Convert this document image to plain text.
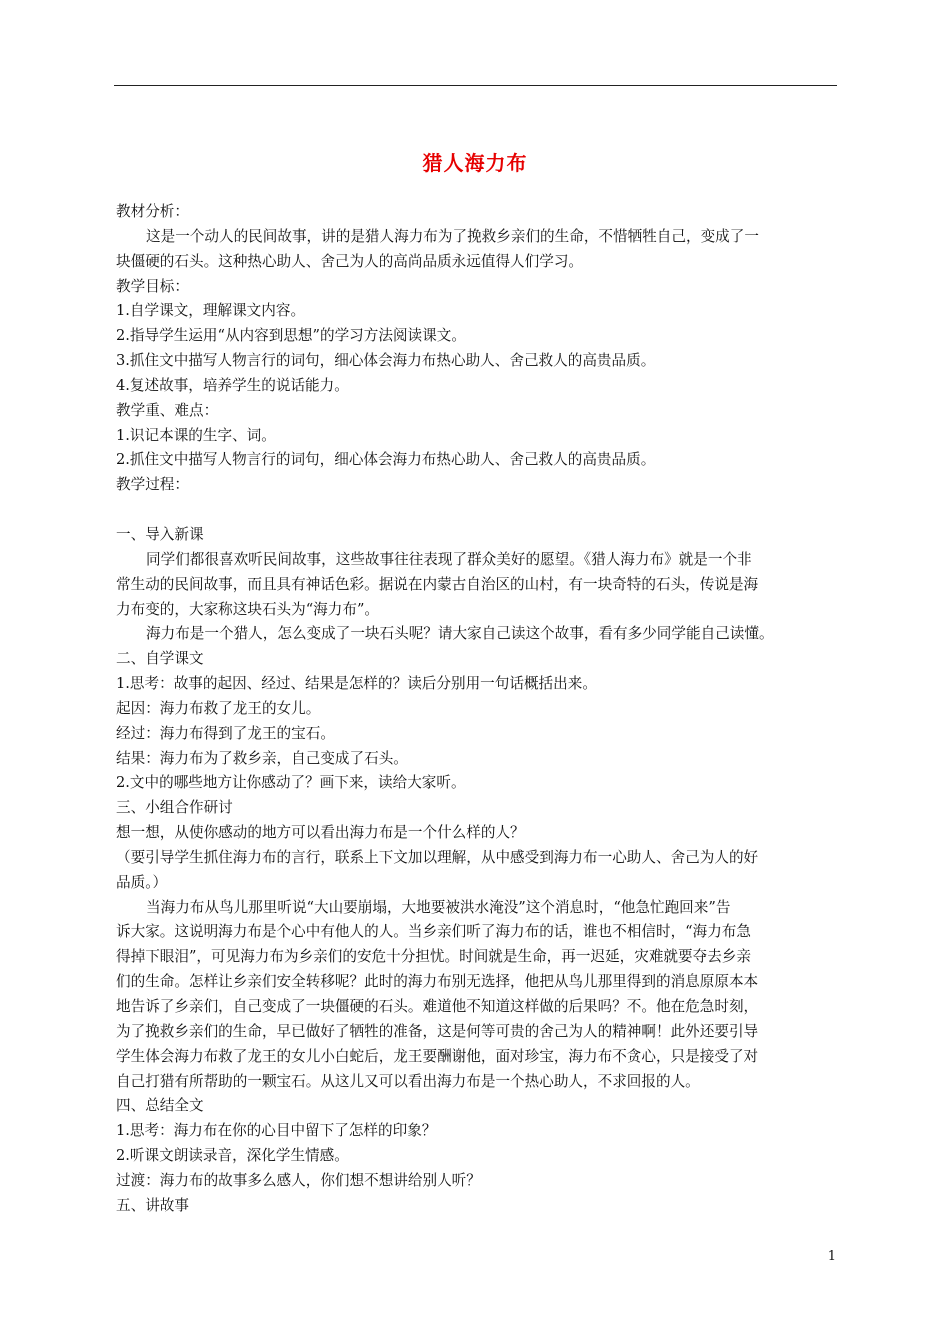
猎人海力布
教材分析：
这是一个动人的民间故事，讲的是猎人海力布为了挽救乡亲们的生命，不惜牺牲自己，变成了一
块僵硬的石头。这种热心助人、舍己为人的高尚品质永远值得人们学习。
教学目标：
1.自学课文，理解课文内容。
2.指导学生运用“从内容到思想”的学习方法阅读课文。
3.抓住文中描写人物言行的词句，细心体会海力布热心助人、舍己救人的高贵品质。
4.复述故事，培养学生的说话能力。
教学重、难点：
1.识记本课的生字、词。
2.抓住文中描写人物言行的词句，细心体会海力布热心助人、舍己救人的高贵品质。
教学过程：
一、导入新课
同学们都很喜欢听民间故事，这些故事往往表现了群众美好的愿望。《猎人海力布》就是一个非
常生动的民间故事，而且具有神话色彩。据说在内蒙古自治区的山村，有一块奇特的石头，传说是海
力布变的，大家称这块石头为“海力布”。
海力布是一个猎人，怎么变成了一块石头呢？请大家自己读这个故事，看有多少同学能自己读懂。
二、自学课文
1.思考：故事的起因、经过、结果是怎样的？读后分别用一句话概括出来。
起因：海力布救了龙王的女儿。
经过：海力布得到了龙王的宝石。
结果：海力布为了救乡亲，自己变成了石头。
2.文中的哪些地方让你感动了？画下来，读给大家听。
三、小组合作研讨
想一想，从使你感动的地方可以看出海力布是一个什么样的人？
（要引导学生抓住海力布的言行，联系上下文加以理解，从中感受到海力布一心助人、舍己为人的好
品质。）
当海力布从鸟儿那里听说“大山要崩塌，大地要被洪水淹没”这个消息时，“他急忙跑回来”告
诉大家。这说明海力布是个心中有他人的人。当乡亲们听了海力布的话，谁也不相信时，“海力布急
得掉下眼泪”，可见海力布为乡亲们的安危十分担忧。时间就是生命，再一迟延，灾难就要夺去乡亲
们的生命。怎样让乡亲们安全转移呢？此时的海力布别无选择，他把从鸟儿那里得到的消息原原本本
地告诉了乡亲们，自己变成了一块僵硬的石头。难道他不知道这样做的后果吗？不。他在危急时刻，
为了挽救乡亲们的生命，早已做好了牺牲的准备，这是何等可贵的舍己为人的精神啊！此外还要引导
学生体会海力布救了龙王的女儿小白蛇后，龙王要酬谢他，面对珍宝，海力布不贪心，只是接受了对
自己打猎有所帮助的一颗宝石。从这儿又可以看出海力布是一个热心助人，不求回报的人。
四、总结全文
1.思考：海力布在你的心目中留下了怎样的印象？
2.听课文朗读录音，深化学生情感。
过渡：海力布的故事多么感人，你们想不想讲给别人听？
五、讲故事
1
